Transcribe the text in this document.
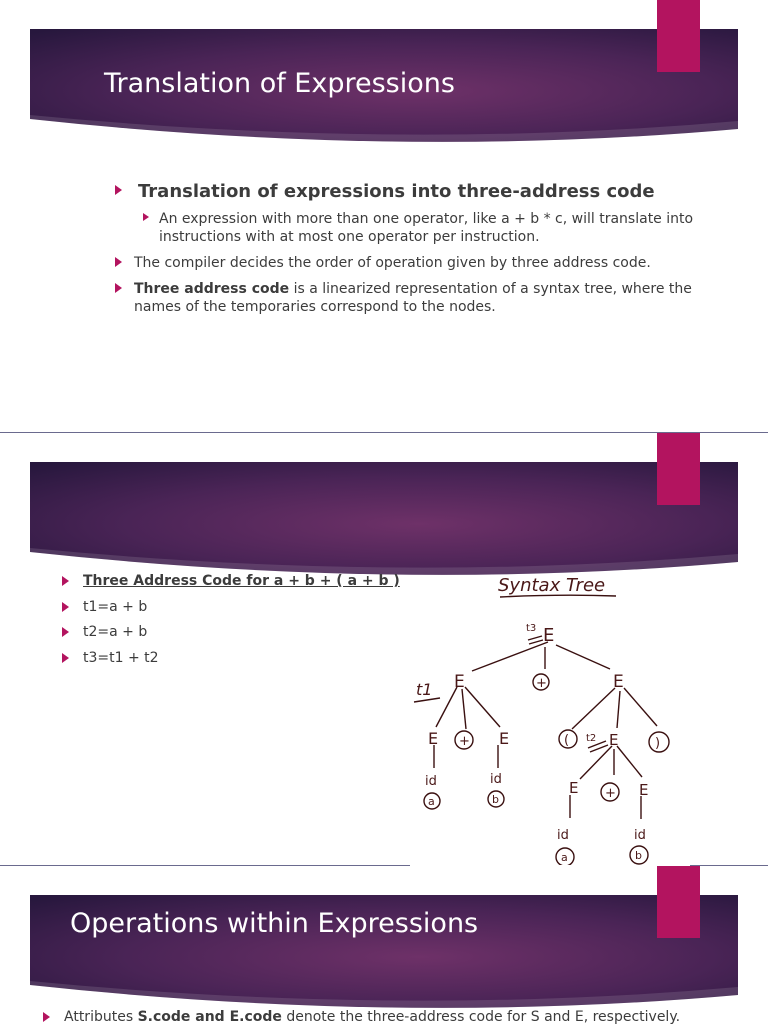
Translation of Expressions
Translation of expressions into three-address code
An expression with more than one operator, like a + b * c, will translate into instructions with at most one operator per instruction.
The compiler decides the order of operation given by three address code.
Three address code is a linearized representation of a syntax tree, where the names of the temporaries correspond to the nodes.
Three Address Code for a + b + ( a + b )
t1=a + b
t2=a + b
t3=t1 + t2
Syntax Tree
E
t3
E
t1	+	E
E + E	( t2 E	)
E + E
id	id
id	id
a	b
a	b
Operations within Expressions
Attributes S.code and E.code denote the three-address code for S and E, respectively.
